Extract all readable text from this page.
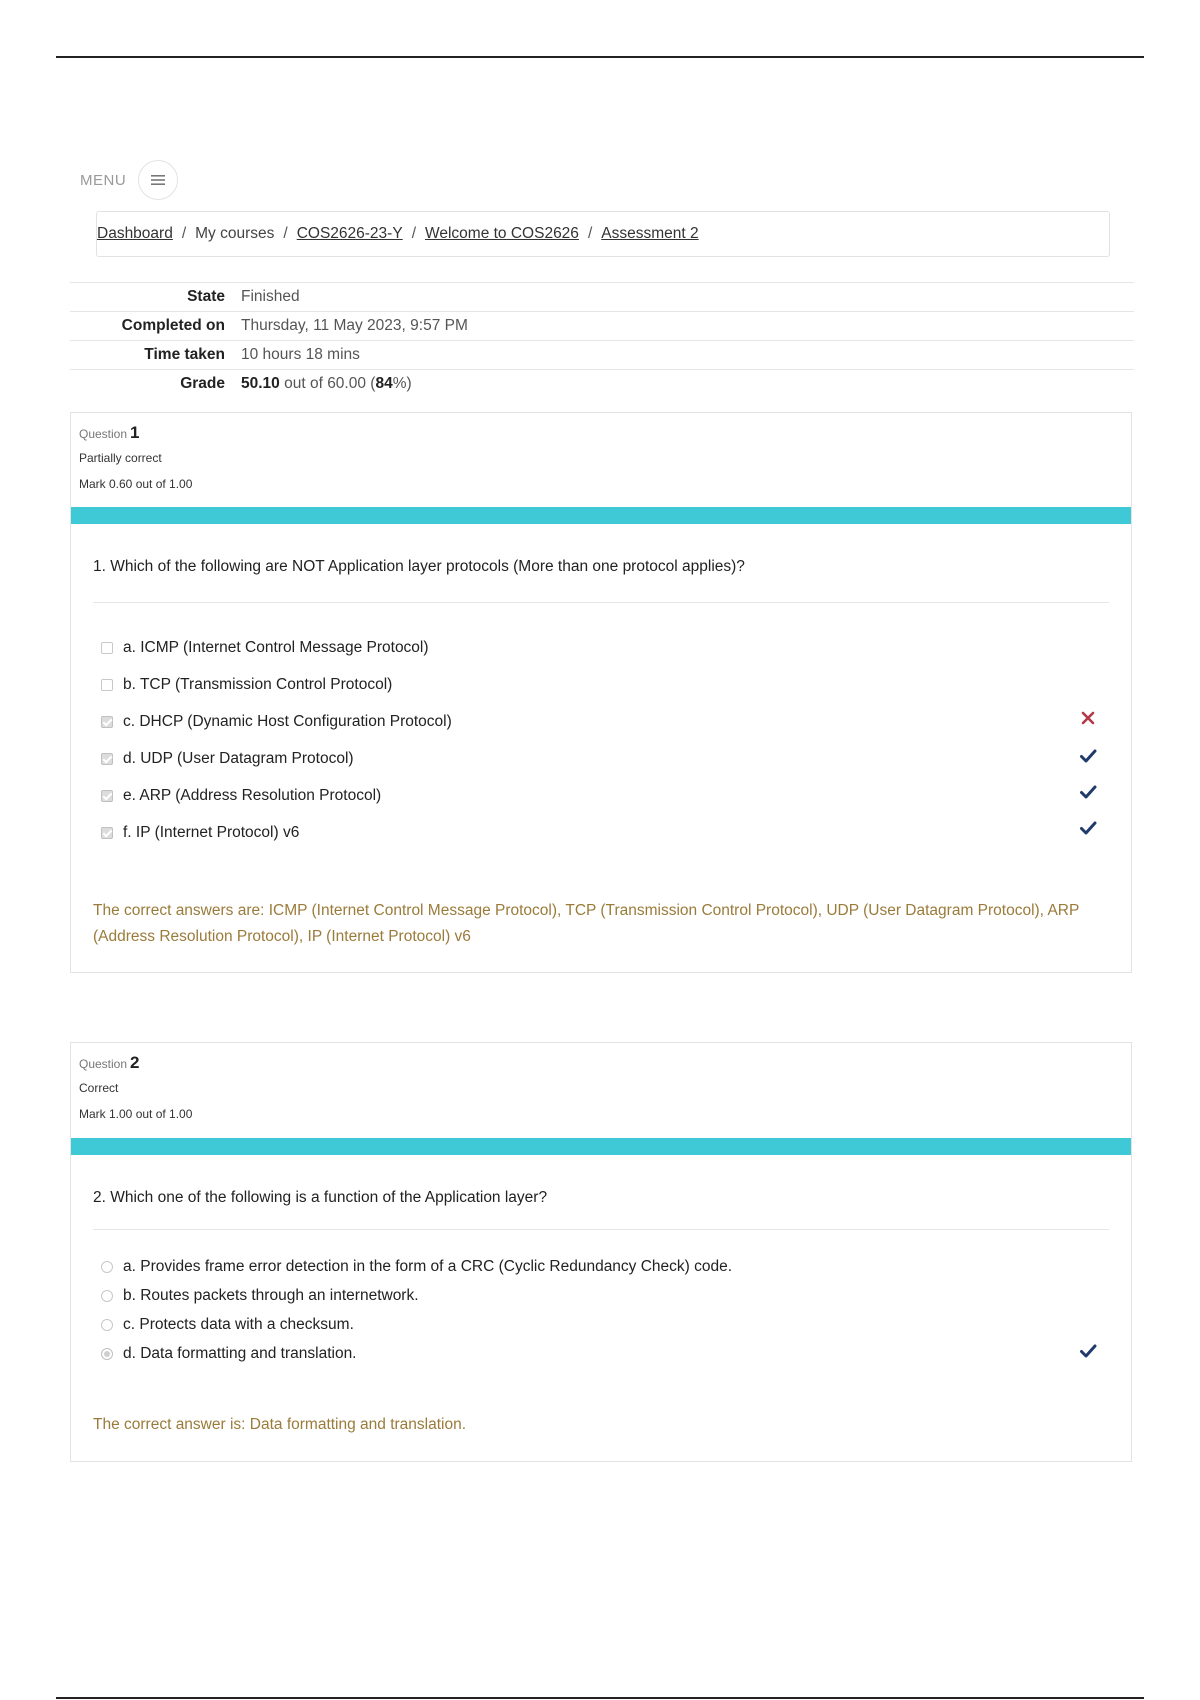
MENU
Dashboard / My courses / COS2626-23-Y / Welcome to COS2626 / Assessment 2
State	Finished
Completed on	Thursday, 11 May 2023, 9:57 PM
Time taken	10 hours 18 mins
Grade	50.10 out of 60.00 (84%)
Question 1
Partially correct
Mark 0.60 out of 1.00
1. Which of the following are NOT Application layer protocols (More than one protocol applies)?
a. ICMP (Internet Control Message Protocol)
b. TCP (Transmission Control Protocol)
c. DHCP (Dynamic Host Configuration Protocol)
d. UDP (User Datagram Protocol)
e. ARP (Address Resolution Protocol)
f. IP (Internet Protocol) v6
The correct answers are: ICMP (Internet Control Message Protocol), TCP (Transmission Control Protocol), UDP (User Datagram Protocol), ARP (Address Resolution Protocol), IP (Internet Protocol) v6
Question 2
Correct
Mark 1.00 out of 1.00
2. Which one of the following is a function of the Application layer?
a. Provides frame error detection in the form of a CRC (Cyclic Redundancy Check) code.
b. Routes packets through an internetwork.
c. Protects data with a checksum.
d. Data formatting and translation.
The correct answer is: Data formatting and translation.
